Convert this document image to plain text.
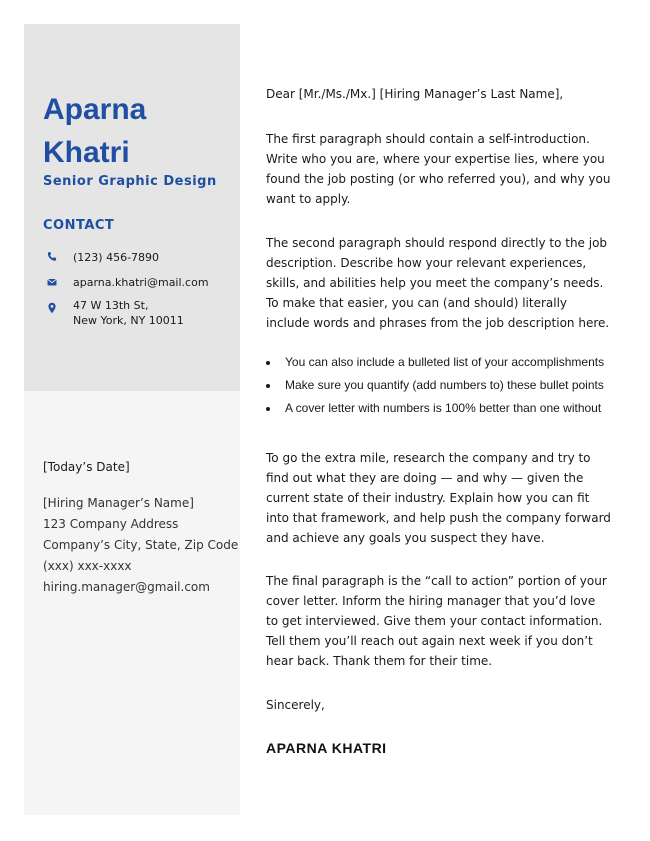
Aparna
Khatri
Senior Graphic Design
CONTACT
(123) 456-7890
aparna.khatri@mail.com
47 W 13th St,
New York, NY 10011
[Today’s Date]
[Hiring Manager’s Name]
123 Company Address
Company’s City, State, Zip Code
(xxx) xxx-xxxx
hiring.manager@gmail.com
Dear [Mr./Ms./Mx.] [Hiring Manager’s Last Name],
The first paragraph should contain a self-introduction. Write who you are, where your expertise lies, where you found the job posting (or who referred you), and why you want to apply.
The second paragraph should respond directly to the job description. Describe how your relevant experiences, skills, and abilities help you meet the company’s needs. To make that easier, you can (and should) literally include words and phrases from the job description here.
You can also include a bulleted list of your accomplishments
Make sure you quantify (add numbers to) these bullet points
A cover letter with numbers is 100% better than one without
To go the extra mile, research the company and try to find out what they are doing — and why — given the current state of their industry. Explain how you can fit into that framework, and help push the company forward and achieve any goals you suspect they have.
The final paragraph is the “call to action” portion of your cover letter. Inform the hiring manager that you’d love to get interviewed. Give them your contact information. Tell them you’ll reach out again next week if you don’t hear back. Thank them for their time.
Sincerely,
APARNA KHATRI
